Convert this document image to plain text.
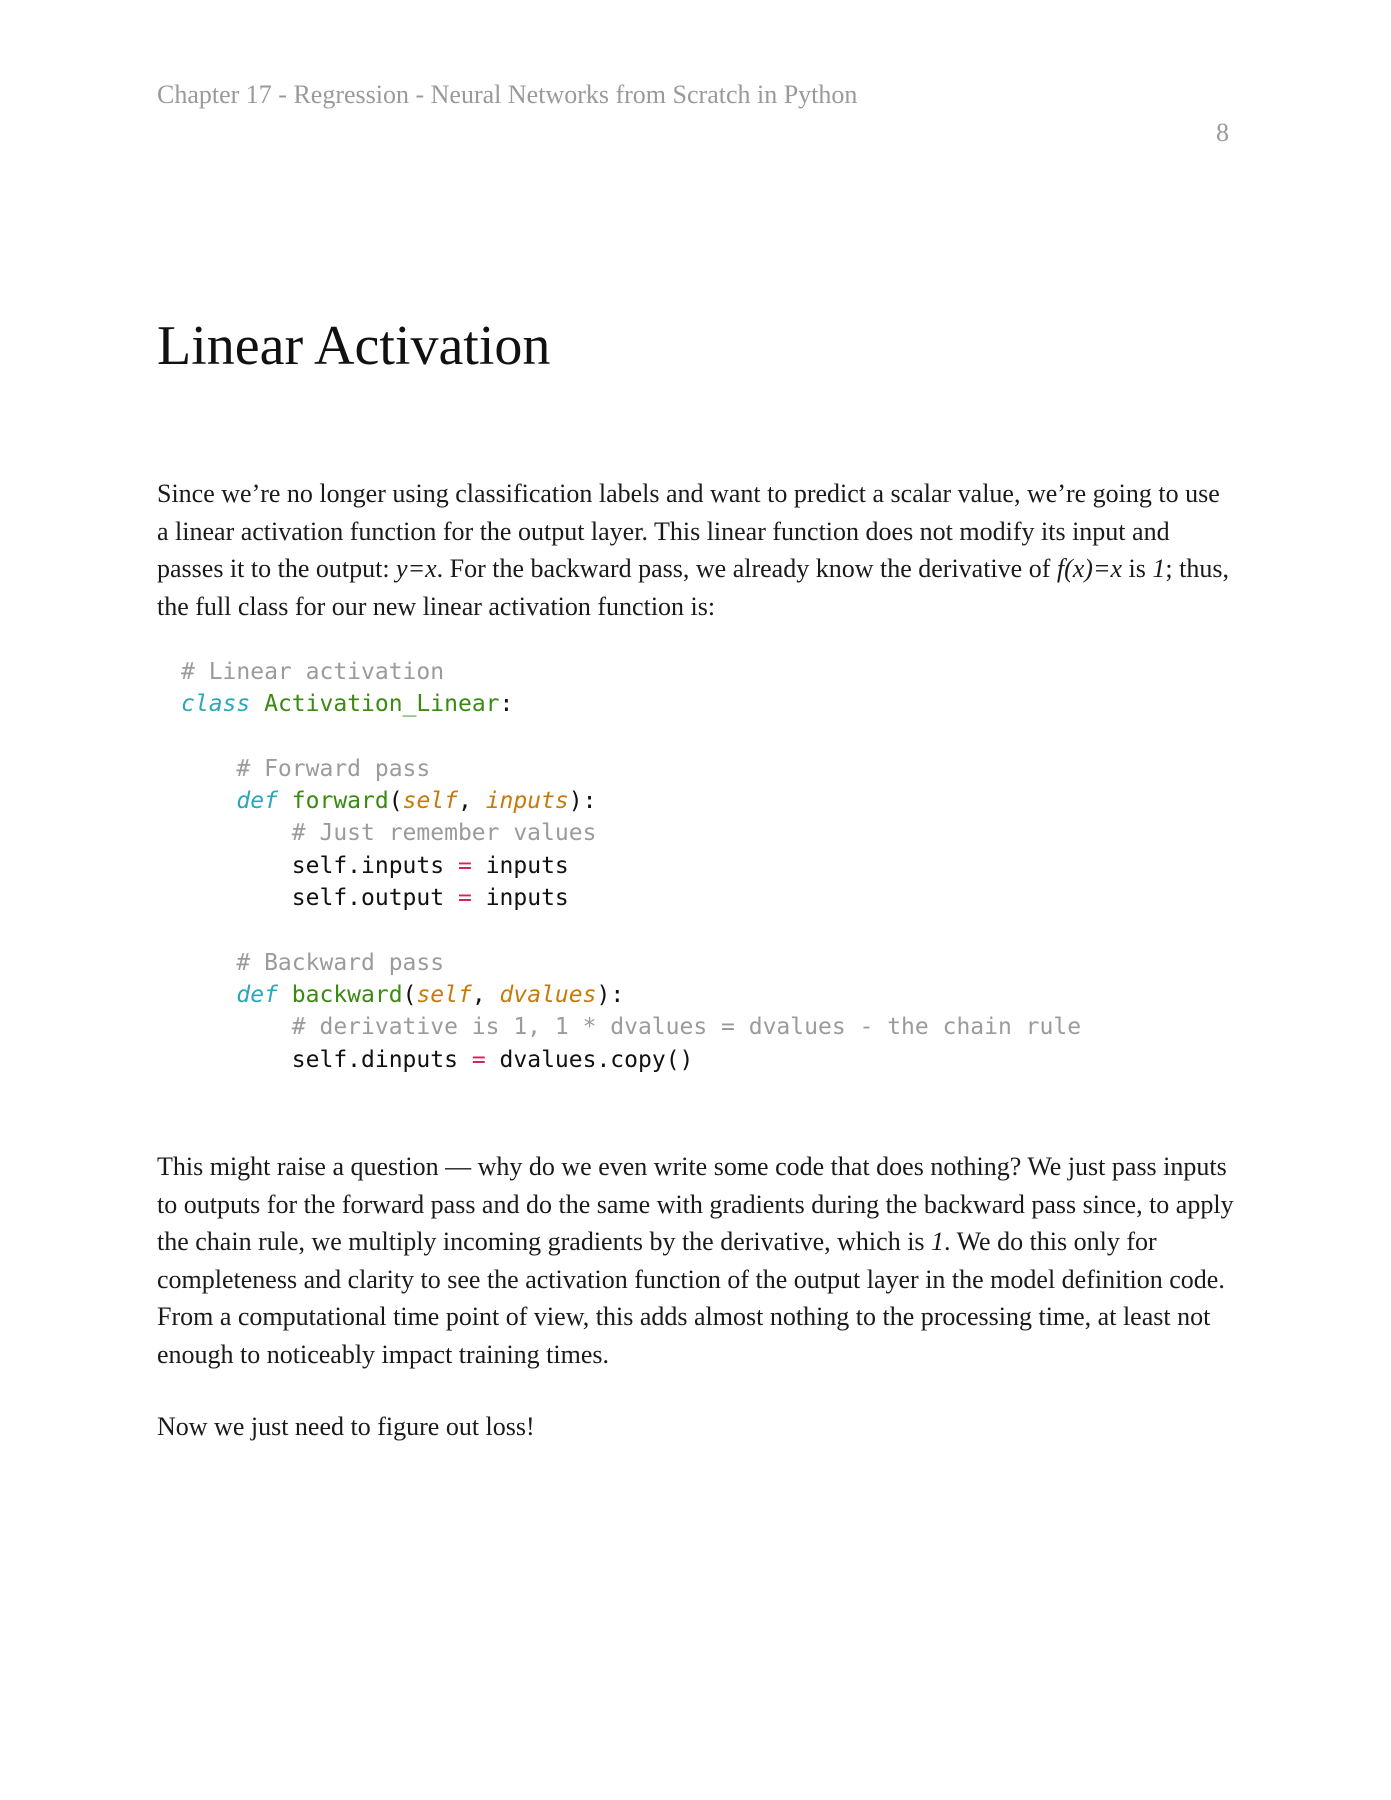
Chapter 17 - Regression - Neural Networks from Scratch in Python
8
Linear Activation

Since we’re no longer using classification labels and want to predict a scalar value, we’re going to use a linear activation function for the output layer. This linear function does not modify its input and passes it to the output: y=x. For the backward pass, we already know the derivative of f(x)=x is 1; thus, the full class for our new linear activation function is:

# Linear activation
class Activation_Linear:
# Forward pass
def forward(self, inputs):
# Just remember values
self.inputs = inputs
self.output = inputs
# Backward pass
def backward(self, dvalues):
# derivative is 1, 1 * dvalues = dvalues - the chain rule
self.dinputs = dvalues.copy()

This might raise a question — why do we even write some code that does nothing? We just pass inputs to outputs for the forward pass and do the same with gradients during the backward pass since, to apply the chain rule, we multiply incoming gradients by the derivative, which is 1. We do this only for completeness and clarity to see the activation function of the output layer in the model definition code. From a computational time point of view, this adds almost nothing to the processing time, at least not enough to noticeably impact training times.

Now we just need to figure out loss!
